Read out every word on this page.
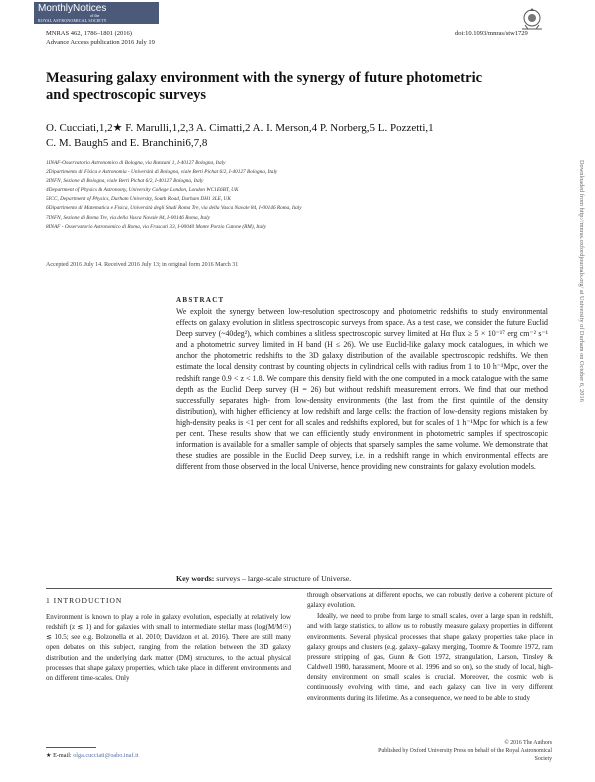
MonthlyNotices
of the
ROYAL ASTRONOMICAL SOCIETY
MNRAS 462, 1786–1801 (2016)	doi:10.1093/mnras/stw1729
Advance Access publication 2016 July 19
Measuring galaxy environment with the synergy of future photometric
and spectroscopic surveys
O. Cucciati,1,2★ F. Marulli,1,2,3 A. Cimatti,2 A. I. Merson,4 P. Norberg,5 L. Pozzetti,1
C. M. Baugh5 and E. Branchini6,7,8
1INAF-Osservatorio Astronomico di Bologna, via Ranzani 1, I-40127 Bologna, Italy
2Dipartimento di Fisica e Astronomia - Università di Bologna, viale Berti Pichat 6/2, I-40127 Bologna, Italy
3INFN, Sezione di Bologna, viale Berti Pichat 6/2, I-40127 Bologna, Italy
4Department of Physics & Astronomy, University College London, London WC1E6BT, UK
5ICC, Department of Physics, Durham University, South Road, Durham DH1 3LE, UK
6Dipartimento di Matematica e Fisica, Università degli Studi Roma Tre, via della Vasca Navale 84, I-00146 Roma, Italy
7INFN, Sezione di Roma Tre, via della Vasca Navale 84, I-00146 Roma, Italy
8INAF - Osservatorio Astronomico di Roma, via Frascati 33, I-00040 Monte Porzio Catone (RM), Italy
Accepted 2016 July 14. Received 2016 July 13; in original form 2016 March 31
ABSTRACT
We exploit the synergy between low-resolution spectroscopy and photometric redshifts to study environmental effects on galaxy evolution in slitless spectroscopic surveys from space. As a test case, we consider the future Euclid Deep survey (~40deg²), which combines a slitless spectroscopic survey limited at Hα flux ≥ 5 × 10⁻¹⁷ erg cm⁻² s⁻¹ and a photometric survey limited in H band (H ≤ 26). We use Euclid-like galaxy mock catalogues, in which we anchor the photometric redshifts to the 3D galaxy distribution of the available spectroscopic redshifts. We then estimate the local density contrast by counting objects in cylindrical cells with radius from 1 to 10 h⁻¹Mpc, over the redshift range 0.9 < z < 1.8. We compare this density field with the one computed in a mock catalogue with the same depth as the Euclid Deep survey (H = 26) but without redshift measurement errors. We find that our method successfully separates high- from low-density environments (the last from the first quintile of the density distribution), with higher efficiency at low redshift and large cells: the fraction of low-density regions mistaken by high-density peaks is <1 per cent for all scales and redshifts explored, but for scales of 1 h⁻¹Mpc for which is a few per cent. These results show that we can efficiently study environment in photometric samples if spectroscopic information is available for a smaller sample of objects that sparsely samples the same volume. We demonstrate that these studies are possible in the Euclid Deep survey, i.e. in a redshift range in which environmental effects are different from those observed in the local Universe, hence providing new constraints for galaxy evolution models.
Key words: surveys – large-scale structure of Universe.
1 INTRODUCTION
Environment is known to play a role in galaxy evolution, especially at relatively low redshift (z ≲ 1) and for galaxies with small to intermediate stellar mass (log(M/M☉) ≲ 10.5; see e.g. Bolzonella et al. 2010; Davidzon et al. 2016). There are still many open debates on this subject, ranging from the relation between the 3D galaxy distribution and the underlying dark matter (DM) structures, to the actual physical processes that shape galaxy properties, which take place in different environments and on different time-scales. Only
through observations at different epochs, we can robustly derive a coherent picture of galaxy evolution.
Ideally, we need to probe from large to small scales, over a large span in redshift, and with large statistics, to allow us to robustly measure galaxy properties in different environments. Several physical processes that shape galaxy properties take place in galaxy groups and clusters (e.g. galaxy–galaxy merging, Toomre & Toomre 1972, ram pressure stripping of gas, Gunn & Gott 1972, strangulation, Larson, Tinsley & Caldwell 1980, harassment, Moore et al. 1996 and so on), so the study of local, high-density environment on small scales is crucial. Moreover, the cosmic web is continuously evolving with time, and each galaxy can live in very different environments during its lifetime. As a consequence, we need to be able to study
★ E-mail: olga.cucciati@oabo.inaf.it
© 2016 The Authors
Published by Oxford University Press on behalf of the Royal Astronomical Society
Downloaded from http://mnras.oxfordjournals.org/ at University of Durham on October 6, 2016
